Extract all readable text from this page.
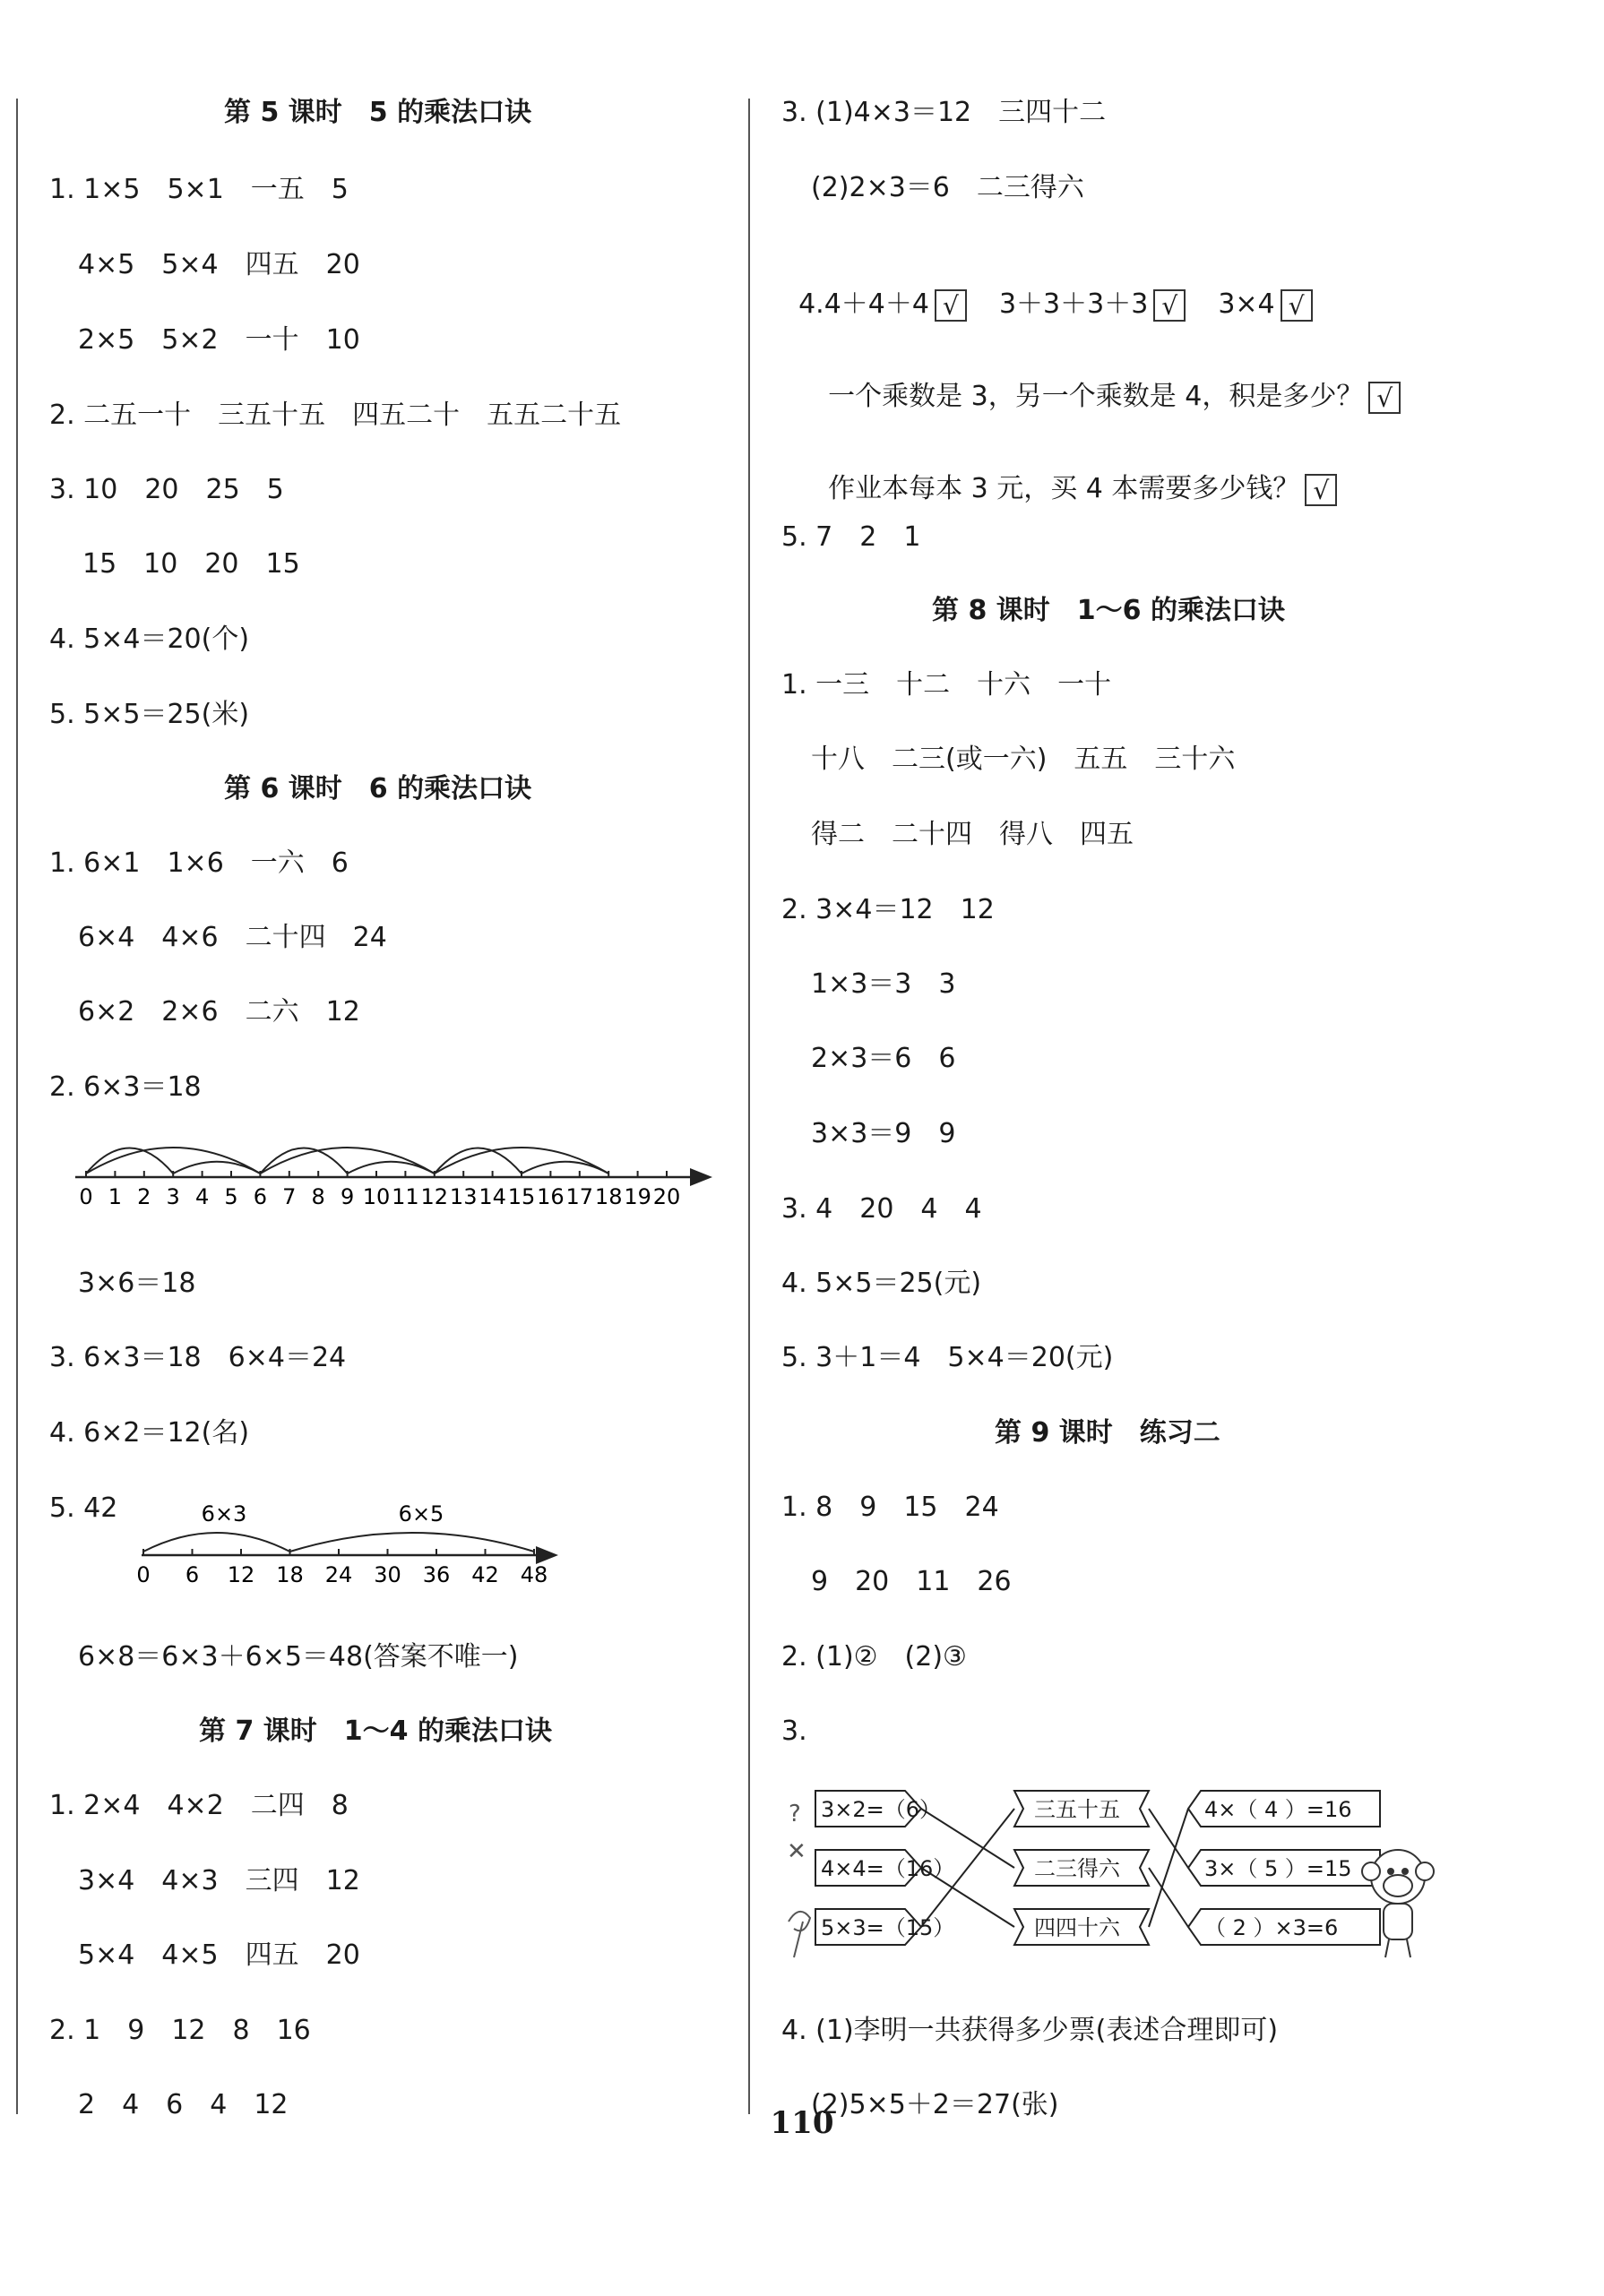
第 5 课时　5 的乘法口诀
1. 1×5　5×1　一五　5
4×5　5×4　四五　20
2×5　5×2　一十　10
2. 二五一十　三五十五　四五二十　五五二十五
3. 10　20　25　5
15　10　20　15
4. 5×4＝20(个)
5. 5×5＝25(米)
第 6 课时　6 的乘法口诀
1. 6×1　1×6　一六　6
6×4　4×6　二十四　24
6×2　2×6　二六　12
2. 6×3＝18
0 1 2 3 4 5 6 7 8 9 10 11 12 13 14 15 16 17 18 19 20
3×6＝18
3. 6×3＝18　6×4＝24
4. 6×2＝12(名)
5. 42	6×3	6×5
0 6 12 18 24 30 36 42 48
6×8＝6×3＋6×5＝48(答案不唯一)
第 7 课时　1～4 的乘法口诀
1. 2×4　4×2　二四　8
3×4　4×3　三四　12
5×4　4×5　四五　20
2. 1　9　12　8　16
2　4　6　4　12
3. (1)4×3＝12　三四十二
(2)2×3＝6　二三得六

4.4＋4＋4 √　 3＋3＋3＋3 √　 3×4 √

一个乘数是 3，另一个乘数是 4，积是多少？ √

作业本每本 3 元，买 4 本需要多少钱？ √

5. 7　2　1
第 8 课时　1～6 的乘法口诀
1. 一三　十二　十六　一十
十八　二三(或一六)　五五　三十六
得二　二十四　得八　四五
2. 3×4＝12　12
1×3＝3　3
2×3＝6　6
3×3＝9　9
3. 4　20　4　4
4. 5×5＝25(元)
5. 3＋1＝4　5×4＝20(元)
第 9 课时　练习二
1. 8　9　15　24
9　20　11　26
2. (1)②　(2)③
3.
?
✕
3×2=（6）
4×4=（16）
5×3=（15）
三五十五
二三得六
四四十六
4×（ 4 ）=16
3×（ 5 ）=15
（ 2 ）×3=6
4. (1)李明一共获得多少票(表述合理即可)
(2)5×5＋2＝27(张)
110
